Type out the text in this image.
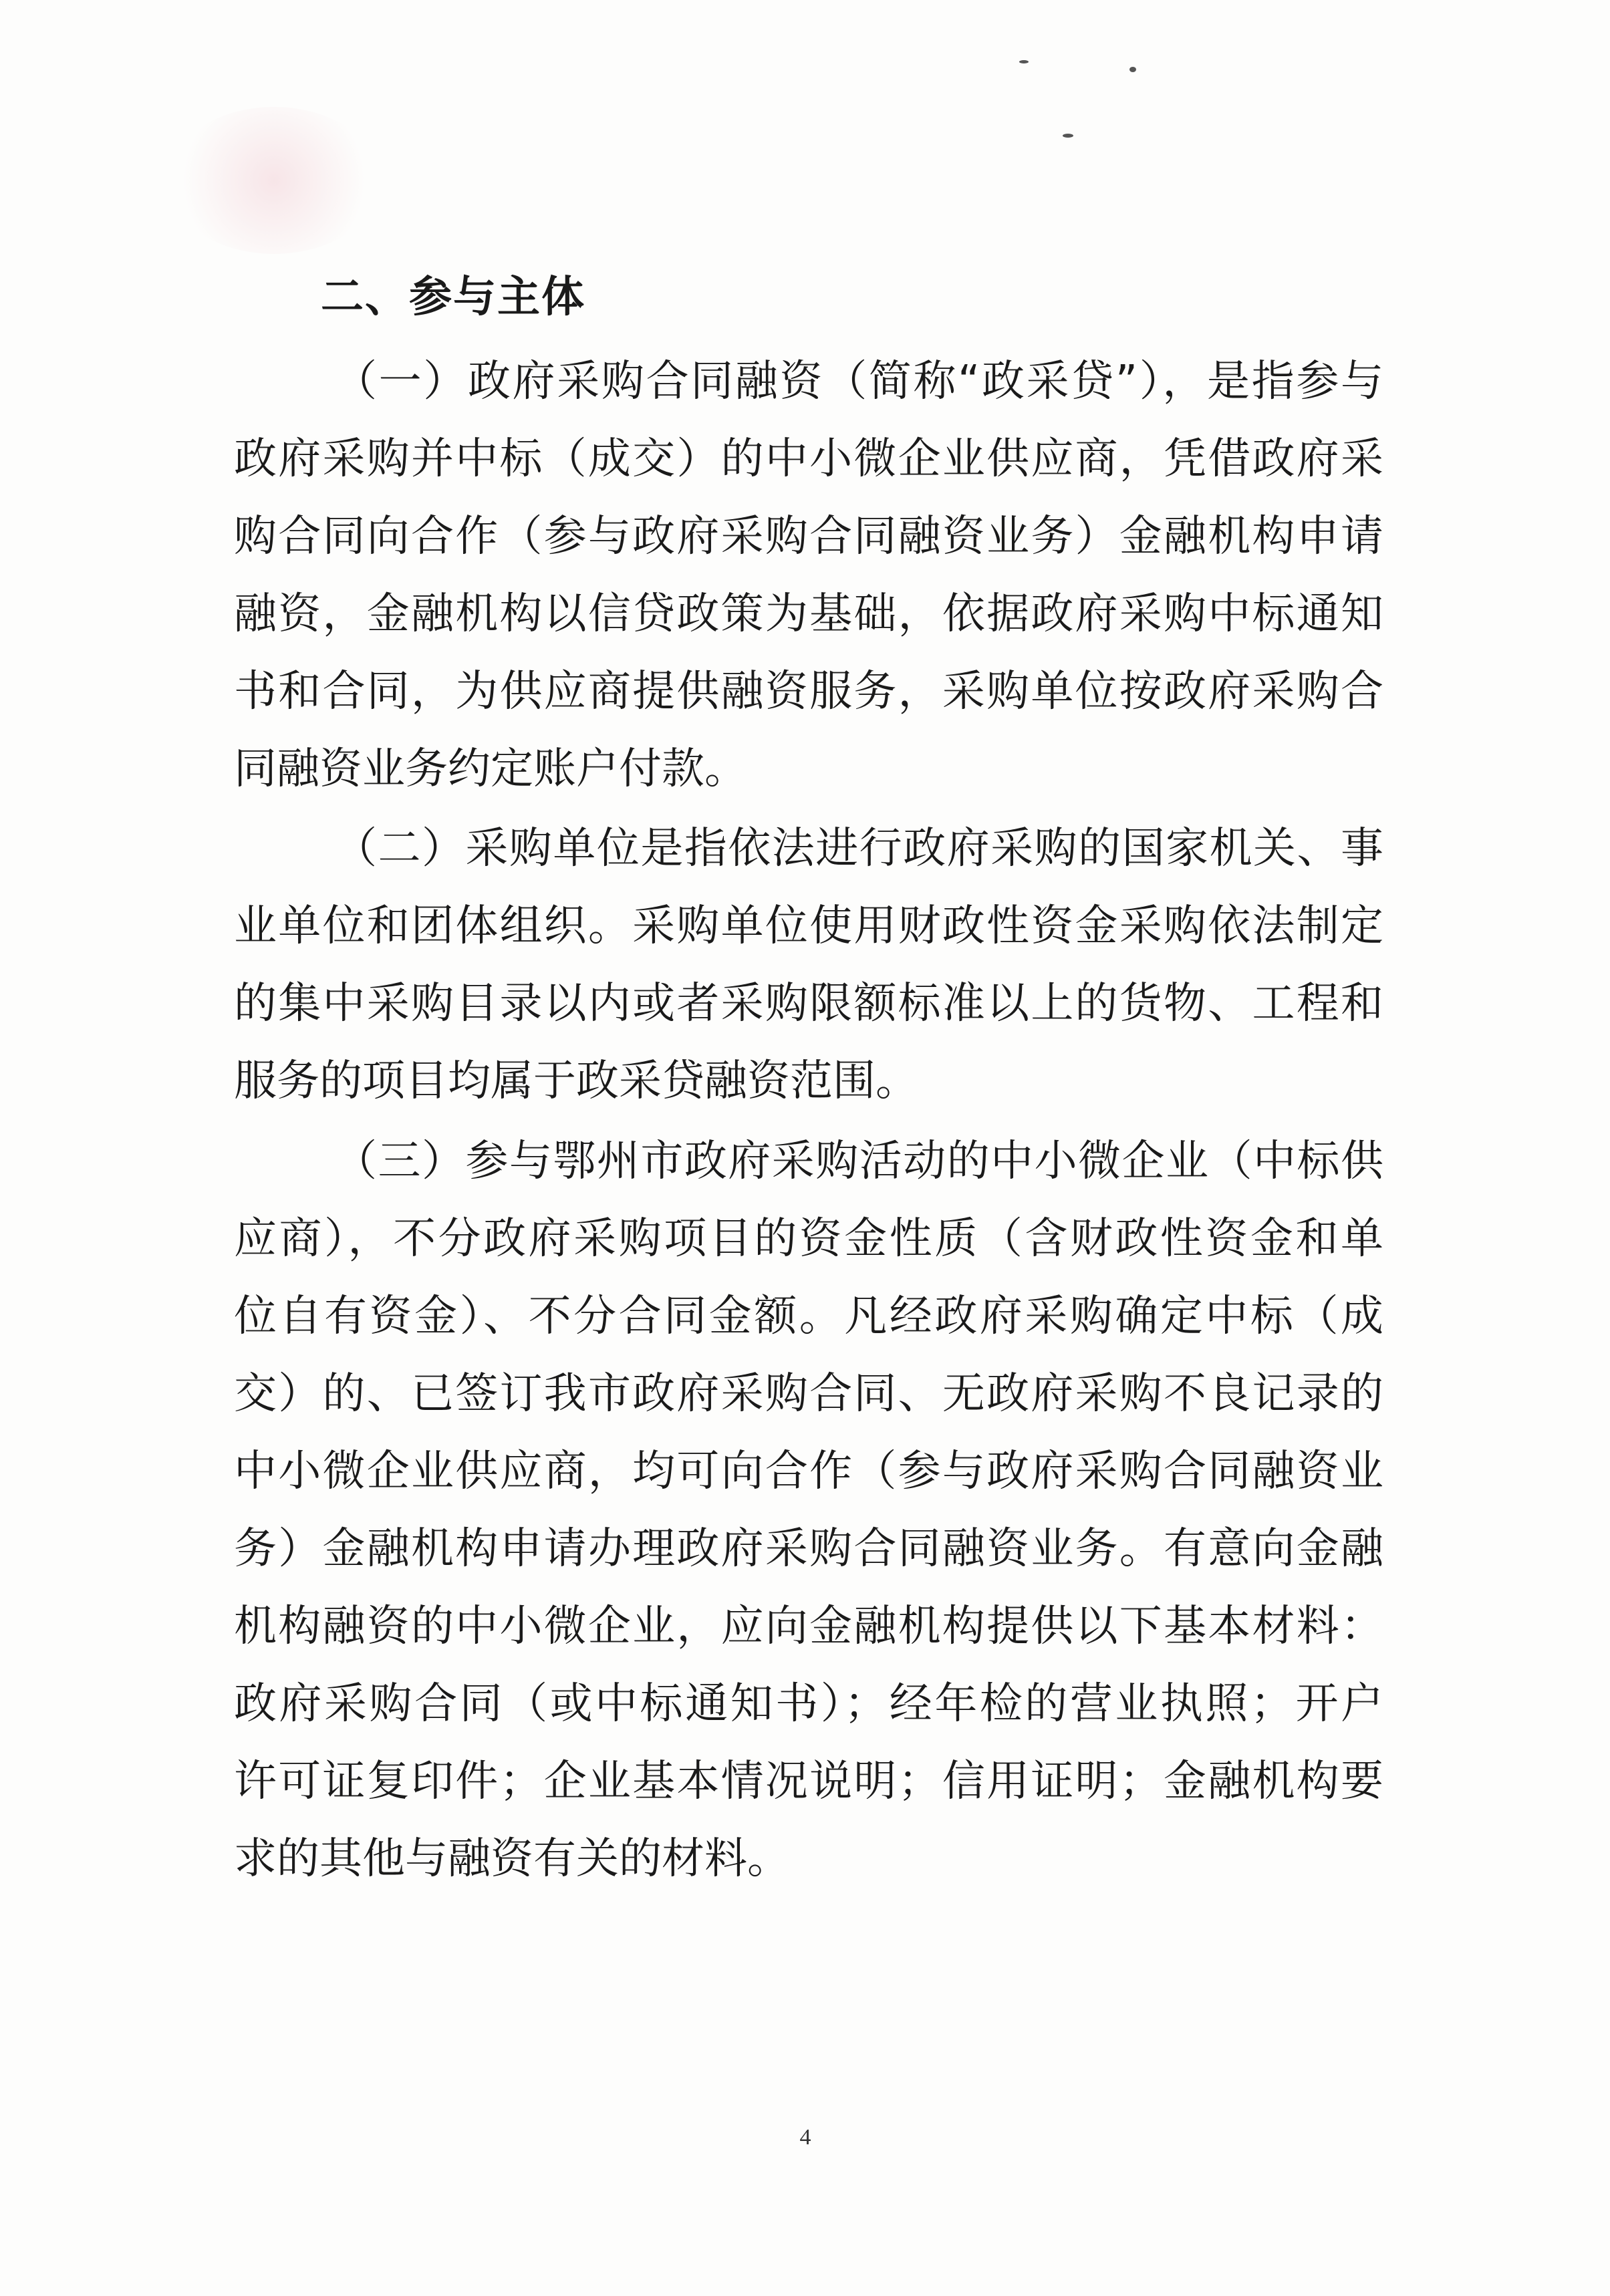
二、参与主体
（一）政府采购合同融资（简称“政采贷”），是指参与
政府采购并中标（成交）的中小微企业供应商，凭借政府采
购合同向合作（参与政府采购合同融资业务）金融机构申请
融资，金融机构以信贷政策为基础，依据政府采购中标通知
书和合同，为供应商提供融资服务，采购单位按政府采购合
同融资业务约定账户付款。
（二）采购单位是指依法进行政府采购的国家机关、事
业单位和团体组织。采购单位使用财政性资金采购依法制定
的集中采购目录以内或者采购限额标准以上的货物、工程和
服务的项目均属于政采贷融资范围。
（三）参与鄂州市政府采购活动的中小微企业（中标供
应商），不分政府采购项目的资金性质（含财政性资金和单
位自有资金）、不分合同金额。凡经政府采购确定中标（成
交）的、已签订我市政府采购合同、无政府采购不良记录的
中小微企业供应商，均可向合作（参与政府采购合同融资业
务）金融机构申请办理政府采购合同融资业务。有意向金融
机构融资的中小微企业，应向金融机构提供以下基本材料：
政府采购合同（或中标通知书）；经年检的营业执照；开户
许可证复印件；企业基本情况说明；信用证明；金融机构要
求的其他与融资有关的材料。
4
